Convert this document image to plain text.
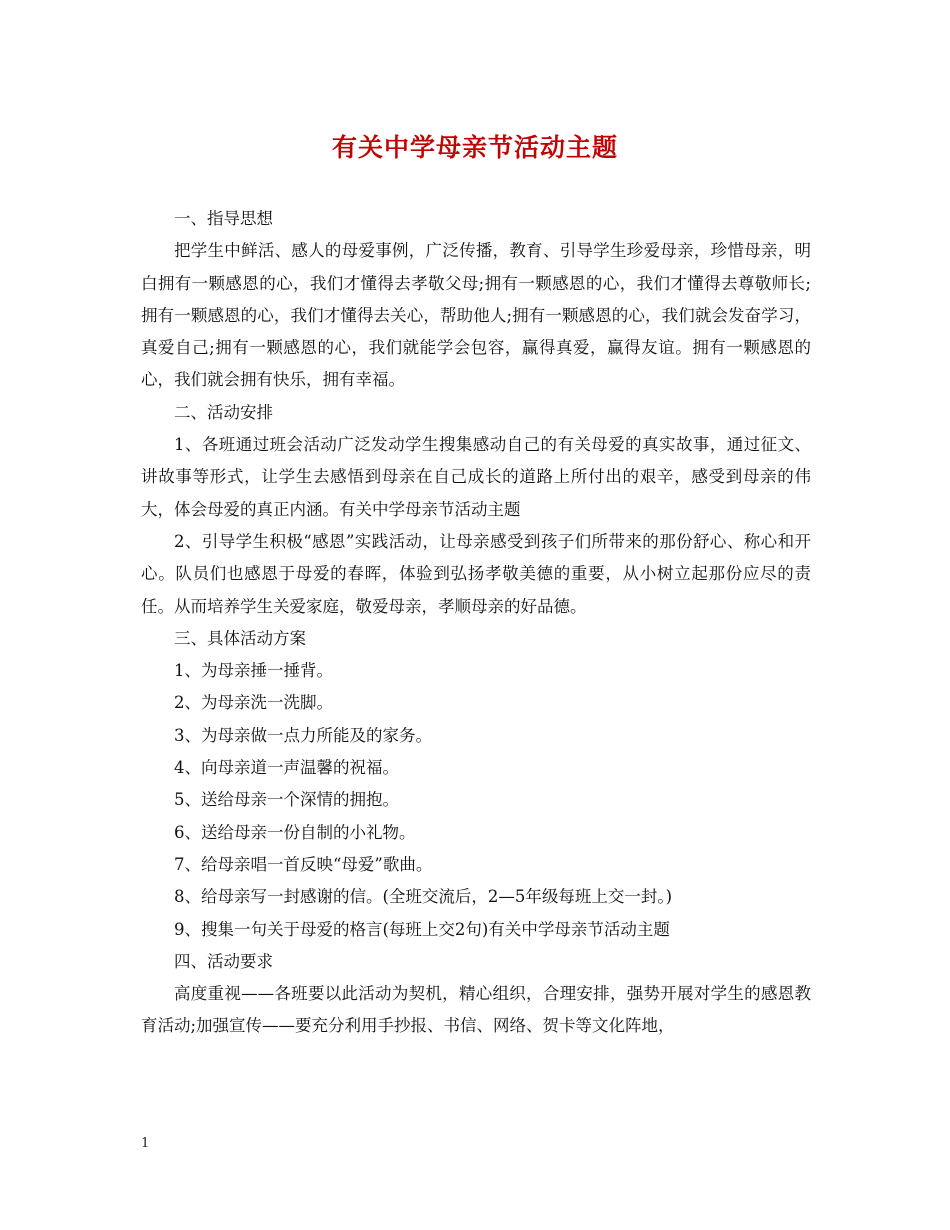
有关中学母亲节活动主题

一、指导思想

把学生中鲜活、感人的母爱事例，广泛传播，教育、引导学生珍爱母亲，珍惜母亲，明白拥有一颗感恩的心，我们才懂得去孝敬父母;拥有一颗感恩的心，我们才懂得去尊敬师长;拥有一颗感恩的心，我们才懂得去关心，帮助他人;拥有一颗感恩的心，我们就会发奋学习，真爱自己;拥有一颗感恩的心，我们就能学会包容，赢得真爱，赢得友谊。拥有一颗感恩的心，我们就会拥有快乐，拥有幸福。

二、活动安排

1、各班通过班会活动广泛发动学生搜集感动自己的有关母爱的真实故事，通过征文、讲故事等形式，让学生去感悟到母亲在自己成长的道路上所付出的艰辛，感受到母亲的伟大，体会母爱的真正内涵。有关中学母亲节活动主题

2、引导学生积极“感恩”实践活动，让母亲感受到孩子们所带来的那份舒心、称心和开心。队员们也感恩于母爱的春晖，体验到弘扬孝敬美德的重要，从小树立起那份应尽的责任。从而培养学生关爱家庭，敬爱母亲，孝顺母亲的好品德。

三、具体活动方案

1、为母亲捶一捶背。

2、为母亲洗一洗脚。

3、为母亲做一点力所能及的家务。

4、向母亲道一声温馨的祝福。

5、送给母亲一个深情的拥抱。

6、送给母亲一份自制的小礼物。

7、给母亲唱一首反映“母爱”歌曲。

8、给母亲写一封感谢的信。(全班交流后，2—5年级每班上交一封。)

9、搜集一句关于母爱的格言(每班上交2句)有关中学母亲节活动主题

四、活动要求

高度重视——各班要以此活动为契机，精心组织，合理安排，强势开展对学生的感恩教育活动;加强宣传——要充分利用手抄报、书信、网络、贺卡等文化阵地，

1
